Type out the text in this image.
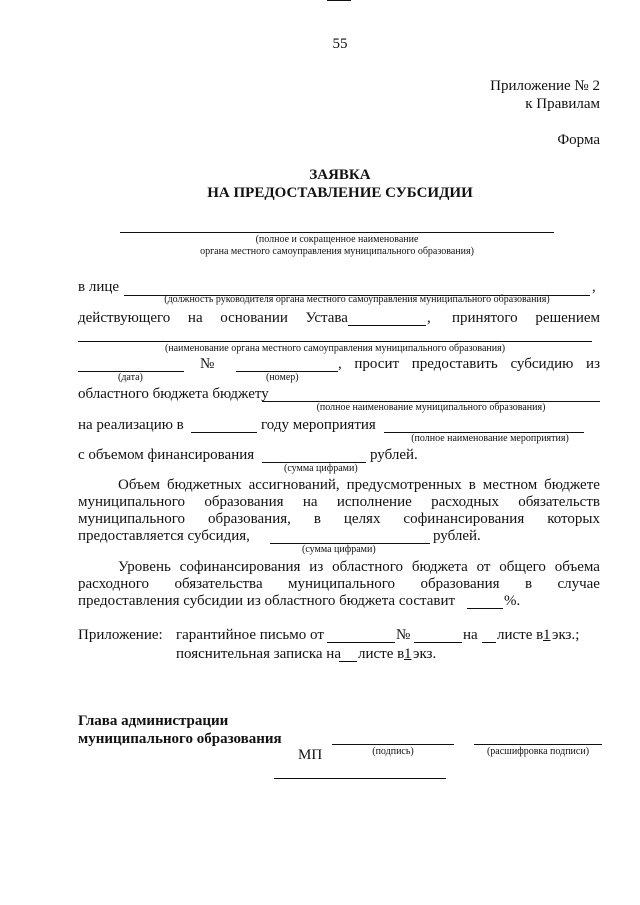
55
Приложение № 2
к Правилам
Форма
ЗАЯВКА
НА ПРЕДОСТАВЛЕНИЕ СУБСИДИИ
(полное и сокращенное наименование
органа местного самоуправления муниципального образования)
в лице	,
(должность руководителя органа местного самоуправления муниципального образования)
действующего на основании Устава	, принятого решением
(наименование органа местного самоуправления муниципального образования)
№	, просит предоставить субсидию из
(дата)	(номер)
областного бюджета бюджету
(полное наименование муниципального образования)
на реализацию в	году мероприятия
(полное наименование мероприятия)
с объемом финансирования	рублей.
(сумма цифрами)
Объем бюджетных ассигнований, предусмотренных в местном бюджете
муниципального образования на исполнение расходных обязательств
муниципального образования, в целях софинансирования которых
предоставляется субсидия,	рублей.
(сумма цифрами)
Уровень софинансирования из областного бюджета от общего объема
расходного обязательства муниципального образования в случае
предоставления субсидии из областного бюджета составит	%.
Приложение: гарантийное письмо от	№	на листе в 1 экз.;
пояснительная записка на листе в 1 экз.
Глава администрации
муниципального образования
МП	(подпись)	(расшифровка подписи)
